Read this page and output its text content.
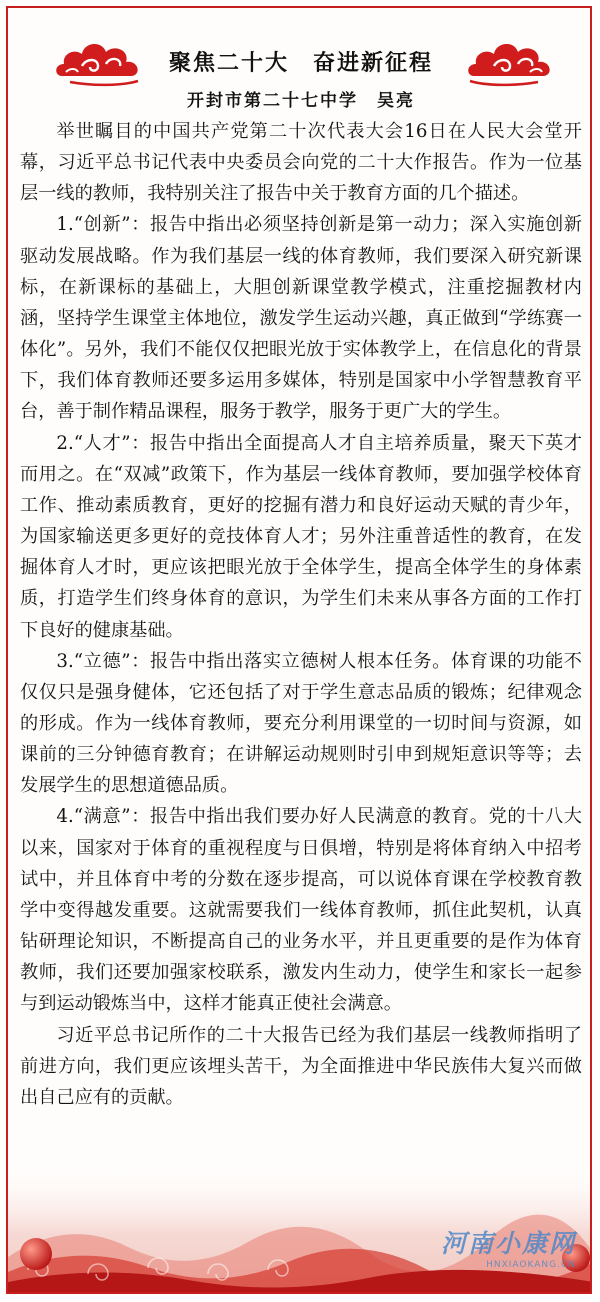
聚焦二十大　奋进新征程
开封市第二十七中学　吴亮

举世瞩目的中国共产党第二十次代表大会16日在人民大会堂开幕，习近平总书记代表中央委员会向党的二十大作报告。作为一位基层一线的教师，我特别关注了报告中关于教育方面的几个描述。

1.“创新”：报告中指出必须坚持创新是第一动力；深入实施创新驱动发展战略。作为我们基层一线的体育教师，我们要深入研究新课标，在新课标的基础上，大胆创新课堂教学模式，注重挖掘教材内涵，坚持学生课堂主体地位，激发学生运动兴趣，真正做到“学练赛一体化”。另外，我们不能仅仅把眼光放于实体教学上，在信息化的背景下，我们体育教师还要多运用多媒体，特别是国家中小学智慧教育平台，善于制作精品课程，服务于教学，服务于更广大的学生。

2.“人才”：报告中指出全面提高人才自主培养质量，聚天下英才而用之。在“双减”政策下，作为基层一线体育教师，要加强学校体育工作、推动素质教育，更好的挖掘有潜力和良好运动天赋的青少年，为国家输送更多更好的竞技体育人才；另外注重普适性的教育，在发掘体育人才时，更应该把眼光放于全体学生，提高全体学生的身体素质，打造学生们终身体育的意识，为学生们未来从事各方面的工作打下良好的健康基础。

3.“立德”：报告中指出落实立德树人根本任务。体育课的功能不仅仅只是强身健体，它还包括了对于学生意志品质的锻炼；纪律观念的形成。作为一线体育教师，要充分利用课堂的一切时间与资源，如课前的三分钟德育教育；在讲解运动规则时引申到规矩意识等等；去发展学生的思想道德品质。

4.“满意”：报告中指出我们要办好人民满意的教育。党的十八大以来，国家对于体育的重视程度与日俱增，特别是将体育纳入中招考试中，并且体育中考的分数在逐步提高，可以说体育课在学校教育教学中变得越发重要。这就需要我们一线体育教师，抓住此契机，认真钻研理论知识，不断提高自己的业务水平，并且更重要的是作为体育教师，我们还要加强家校联系，激发内生动力，使学生和家长一起参与到运动锻炼当中，这样才能真正使社会满意。

习近平总书记所作的二十大报告已经为我们基层一线教师指明了前进方向，我们更应该埋头苦干，为全面推进中华民族伟大复兴而做出自己应有的贡献。

河南小康网
HNXIAOKANG.CN
